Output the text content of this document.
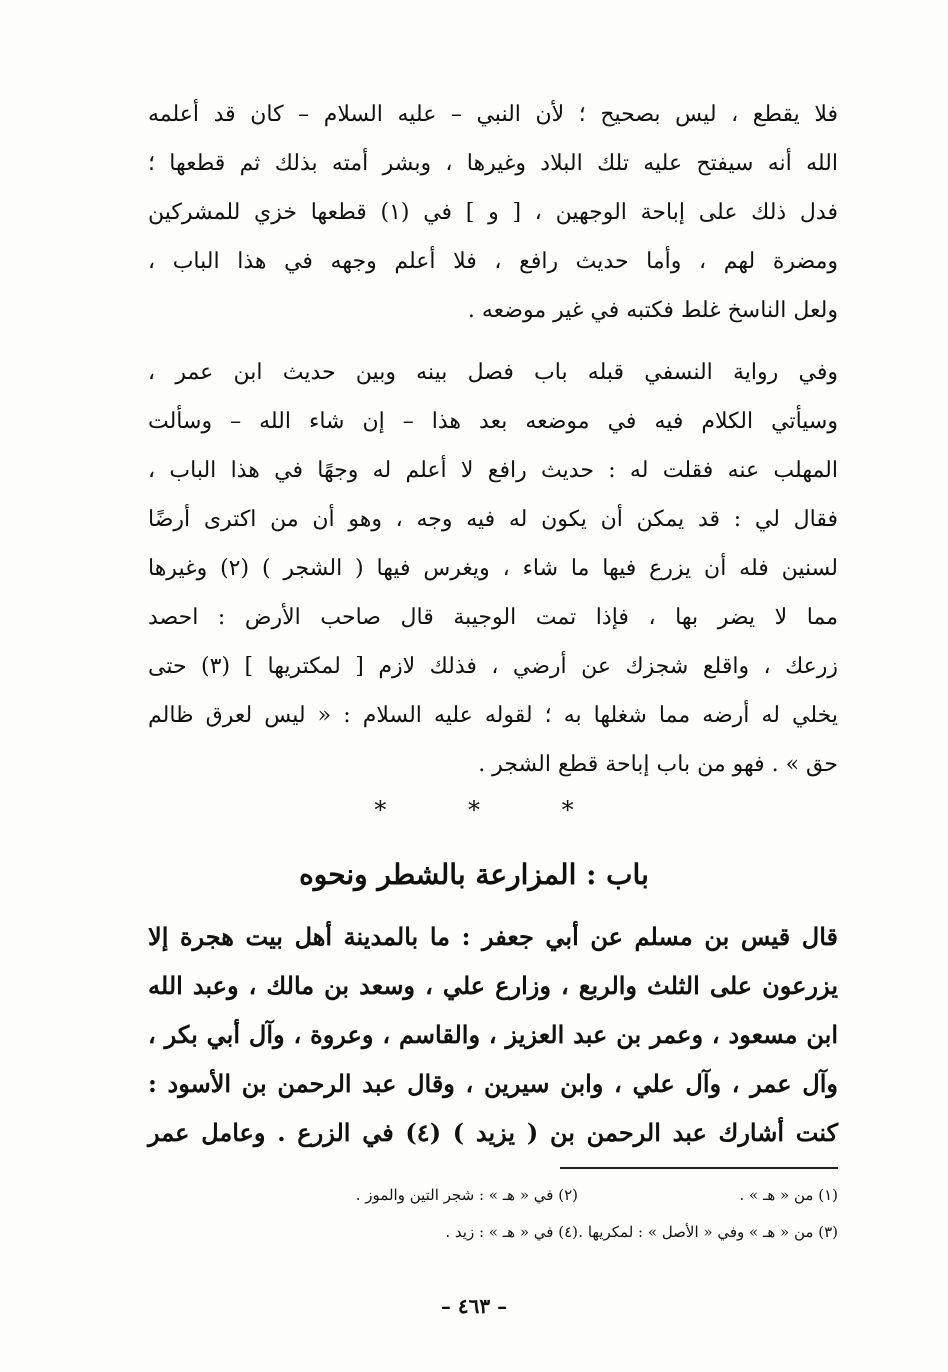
فلا يقطع ، ليس بصحيح ؛ لأن النبي – عليه السلام – كان قد أعلمه
الله أنه سيفتح عليه تلك البلاد وغيرها ، وبشر أمته بذلك ثم قطعها ؛
فدل ذلك على إباحة الوجهين ، [ و ] في (١) قطعها خزي للمشركين
ومضرة لهم ، وأما حديث رافع ، فلا أعلم وجهه في هذا الباب ،
ولعل الناسخ غلط فكتبه في غير موضعه .
وفي رواية النسفي قبله باب فصل بينه وبين حديث ابن عمر ،
وسيأتي الكلام فيه في موضعه بعد هذا – إن شاء الله – وسألت
المهلب عنه فقلت له : حديث رافع لا أعلم له وجهًا في هذا الباب ،
فقال لي : قد يمكن أن يكون له فيه وجه ، وهو أن من اكترى أرضًا
لسنين فله أن يزرع فيها ما شاء ، ويغرس فيها ( الشجر ) (٢) وغيرها
مما لا يضر بها ، فإذا تمت الوجيبة قال صاحب الأرض : احصد
زرعك ، واقلع شجزك عن أرضي ، فذلك لازم [ لمكتريها ] (٣) حتى
يخلي له أرضه مما شغلها به ؛ لقوله عليه السلام : « ليس لعرق ظالم
حق » . فهو من باب إباحة قطع الشجر .
*	*	*
باب : المزارعة بالشطر ونحوه
قال قيس بن مسلم عن أبي جعفر : ما بالمدينة أهل بيت هجرة إلا
يزرعون على الثلث والربع ، وزارع علي ، وسعد بن مالك ، وعبد الله
ابن مسعود ، وعمر بن عبد العزيز ، والقاسم ، وعروة ، وآل أبي بكر ،
وآل عمر ، وآل علي ، وابن سيرين ، وقال عبد الرحمن بن الأسود :
كنت أشارك عبد الرحمن بن ( يزيد ) (٤) في الزرع . وعامل عمر
(١) من « هـ » .
(٢) في « هـ » : شجر التين والموز .
(٣) من « هـ » وفي « الأصل » : لمكريها .
(٤) في « هـ » : زيد .
– ٤٦٣ –
